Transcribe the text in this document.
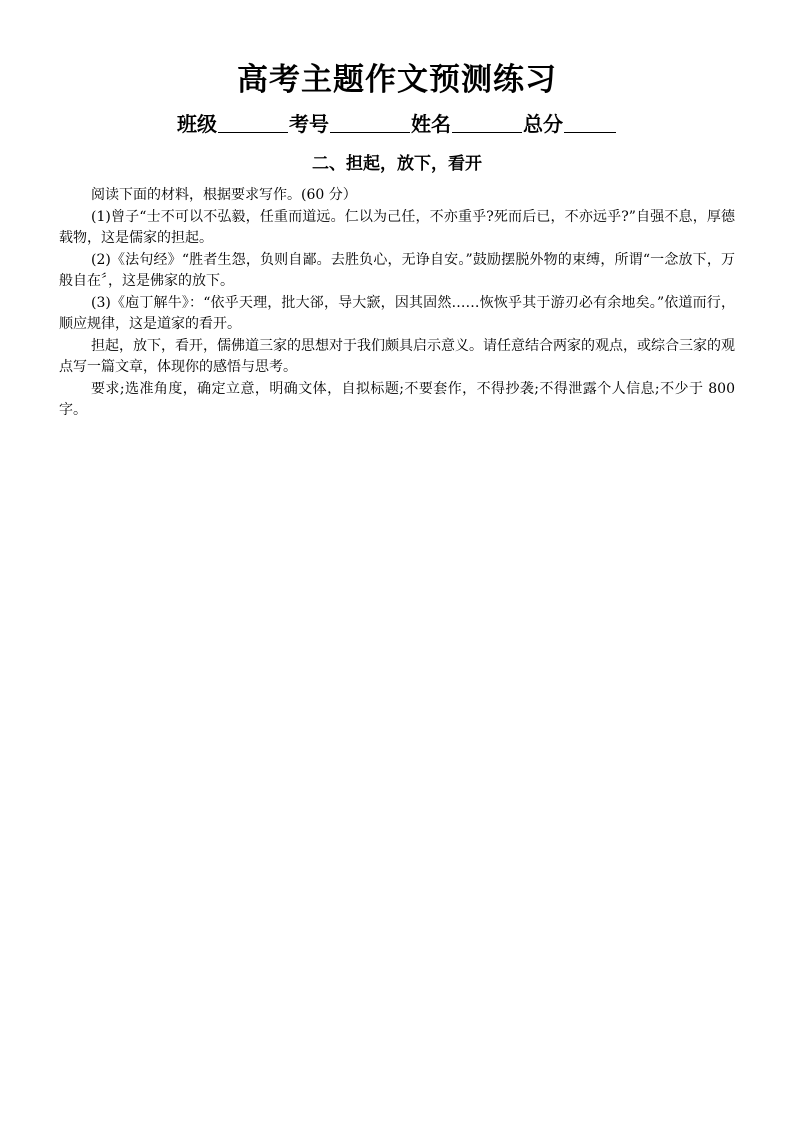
高考主题作文预测练习
班级	考号	姓名	总分
二、担起，放下，看开

阅读下面的材料，根据要求写作。(60 分）

(1)曾子“士不可以不弘毅，任重而道远。仁以为己任，不亦重乎?死而后已，不亦远乎?”自强不息，厚德载物，这是儒家的担起。

(2)《法句经》“胜者生怨，负则自鄙。去胜负心，无诤自安。”鼓励摆脱外物的束缚，所谓“一念放下，万般自在〞，这是佛家的放下。

(3)《庖丁解牛》：“依乎天理，批大郤，导大窾，因其固然……恢恢乎其于游刃必有余地矣。”依道而行，顺应规律，这是道家的看开。

担起，放下，看开，儒佛道三家的思想对于我们颇具启示意义。请任意结合两家的观点，或综合三家的观点写一篇文章，体现你的感悟与思考。

要求;选准角度，确定立意，明确文体，自拟标题;不要套作，不得抄袭;不得泄露个人信息;不少于 800 字。
